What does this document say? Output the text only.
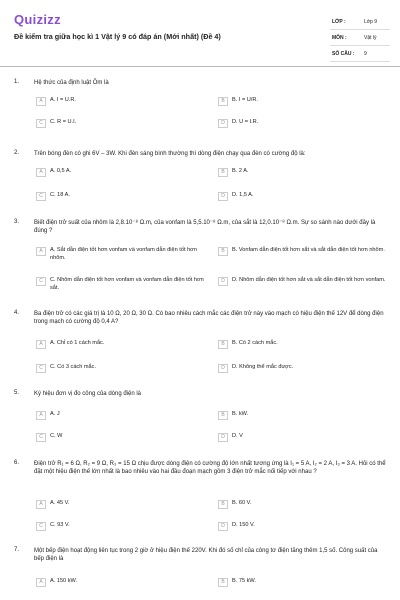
Quizizz
Đề kiểm tra giữa học kì 1 Vật lý 9 có đáp án (Mới nhất) (Đề 4)
LỚP :	Lớp 9
MÔN :	Vật lý
SỐ CÂU : 9
1. Hệ thức của định luật Ôm là
A	A. I = U.R.	B	B. I = U/R.
C	C. R = U.I.	D	D. U = I.R.
2. Trên bóng đèn có ghi 6V – 3W. Khi đèn sáng bình thường thì dòng điện chạy qua đèn có cường độ là:
A	A. 0,5 A.	B	B. 2 A.
C	C. 18 A.	D	D. 1,5 A.
3. Biết điện trở suất của nhôm là 2,8.10⁻⁸ Ω.m, của vonfam là 5,5.10⁻⁸ Ω.m, của sắt là 12,0.10⁻⁸ Ω.m. Sự so sánh nào dưới đây là đúng ?
A	A. Sắt dẫn điện tốt hơn vonfam và vonfam dẫn điện tốt hơn nhôm.
B	B. Vonfam dẫn điện tốt hơn sắt và sắt dẫn điện tốt hơn nhôm.
C	C. Nhôm dẫn điện tốt hơn vonfam và vonfam dẫn điện tốt hơn sắt.
D	D. Nhôm dẫn điện tốt hơn sắt và sắt dẫn điện tốt hơn vonfam.
4. Ba điện trở có các giá trị là 10 Ω, 20 Ω, 30 Ω. Có bao nhiêu cách mắc các điện trở này vào mạch có hiệu điện thế 12V để dòng điện trong mạch có cường độ 0,4 A?
A	A. Chỉ có 1 cách mắc.	B	B. Có 2 cách mắc.
C	C. Có 3 cách mắc.	D	D. Không thể mắc được.
5. Ký hiệu đơn vị đo công của dòng điện là
A	A. J	B	B. kW.
C	C. W	D	D. V
6. Điện trở R₁ = 6 Ω, R₂ = 9 Ω, R₃ = 15 Ω chịu được dòng điện có cường độ lớn nhất tương ứng là I₁ = 5 A, I₂ = 2 A, I₃ = 3 A. Hỏi có thể đặt một hiệu điện thế lớn nhất là bao nhiêu vào hai đầu đoạn mạch gồm 3 điện trở mắc nối tiếp với nhau ?
A	A. 45 V.	B	B. 60 V.
C	C. 93 V.	D	D. 150 V.
7. Một bếp điện hoạt động liên tục trong 2 giờ ở hiệu điện thế 220V. Khi đó số chỉ của công tơ điện tăng thêm 1,5 số. Công suất của bếp điện là
A	A. 150 kW.	B	B. 75 kW.
